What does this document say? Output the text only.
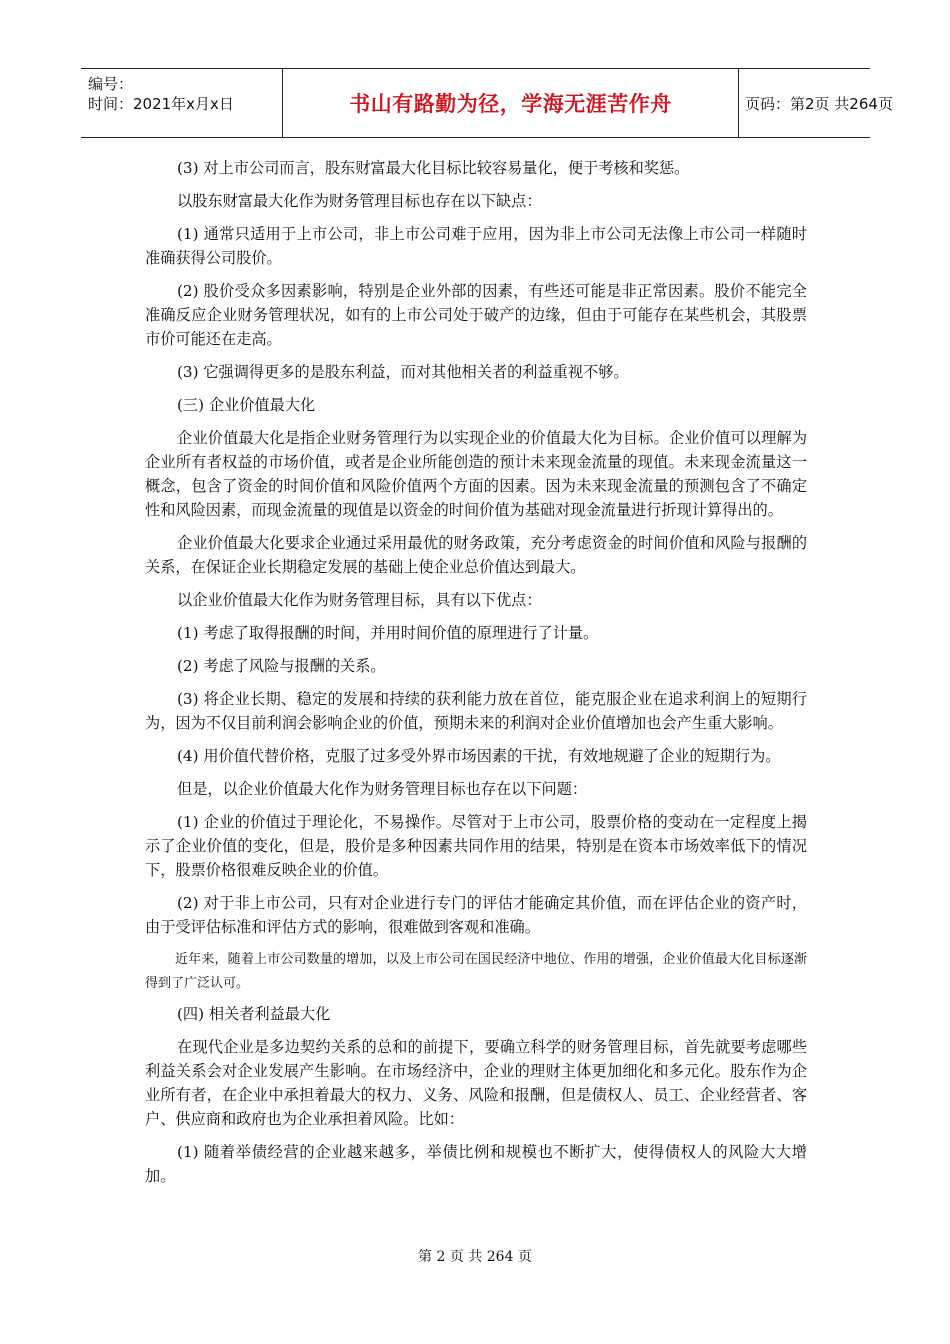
编号：
时间：2021年x月x日	书山有路勤为径，学海无涯苦作舟	页码：第2页 共264页

(3) 对上市公司而言，股东财富最大化目标比较容易量化，便于考核和奖惩。

以股东财富最大化作为财务管理目标也存在以下缺点：

(1) 通常只适用于上市公司，非上市公司难于应用，因为非上市公司无法像上市公司一样随时准确获得公司股价。

(2) 股价受众多因素影响，特别是企业外部的因素，有些还可能是非正常因素。股价不能完全准确反应企业财务管理状况，如有的上市公司处于破产的边缘，但由于可能存在某些机会，其股票市价可能还在走高。

(3) 它强调得更多的是股东利益，而对其他相关者的利益重视不够。

(三) 企业价值最大化

企业价值最大化是指企业财务管理行为以实现企业的价值最大化为目标。企业价值可以理解为企业所有者权益的市场价值，或者是企业所能创造的预计未来现金流量的现值。未来现金流量这一概念，包含了资金的时间价值和风险价值两个方面的因素。因为未来现金流量的预测包含了不确定性和风险因素，而现金流量的现值是以资金的时间价值为基础对现金流量进行折现计算得出的。

企业价值最大化要求企业通过采用最优的财务政策，充分考虑资金的时间价值和风险与报酬的关系，在保证企业长期稳定发展的基础上使企业总价值达到最大。

以企业价值最大化作为财务管理目标，具有以下优点：

(1) 考虑了取得报酬的时间，并用时间价值的原理进行了计量。

(2) 考虑了风险与报酬的关系。

(3) 将企业长期、稳定的发展和持续的获利能力放在首位，能克服企业在追求利润上的短期行为，因为不仅目前利润会影响企业的价值，预期未来的利润对企业价值增加也会产生重大影响。

(4) 用价值代替价格，克服了过多受外界市场因素的干扰，有效地规避了企业的短期行为。

但是，以企业价值最大化作为财务管理目标也存在以下问题：

(1) 企业的价值过于理论化，不易操作。尽管对于上市公司，股票价格的变动在一定程度上揭示了企业价值的变化，但是，股价是多种因素共同作用的结果，特别是在资本市场效率低下的情况下，股票价格很难反映企业的价值。

(2) 对于非上市公司，只有对企业进行专门的评估才能确定其价值，而在评估企业的资产时，由于受评估标准和评估方式的影响，很难做到客观和准确。

近年来，随着上市公司数量的增加，以及上市公司在国民经济中地位、作用的增强，企业价值最大化目标逐渐得到了广泛认可。

(四) 相关者利益最大化

在现代企业是多边契约关系的总和的前提下，要确立科学的财务管理目标，首先就要考虑哪些利益关系会对企业发展产生影响。在市场经济中，企业的理财主体更加细化和多元化。股东作为企业所有者，在企业中承担着最大的权力、义务、风险和报酬，但是债权人、员工、企业经营者、客户、供应商和政府也为企业承担着风险。比如：

(1) 随着举债经营的企业越来越多，举债比例和规模也不断扩大，使得债权人的风险大大增加。

第 2 页 共 264 页
